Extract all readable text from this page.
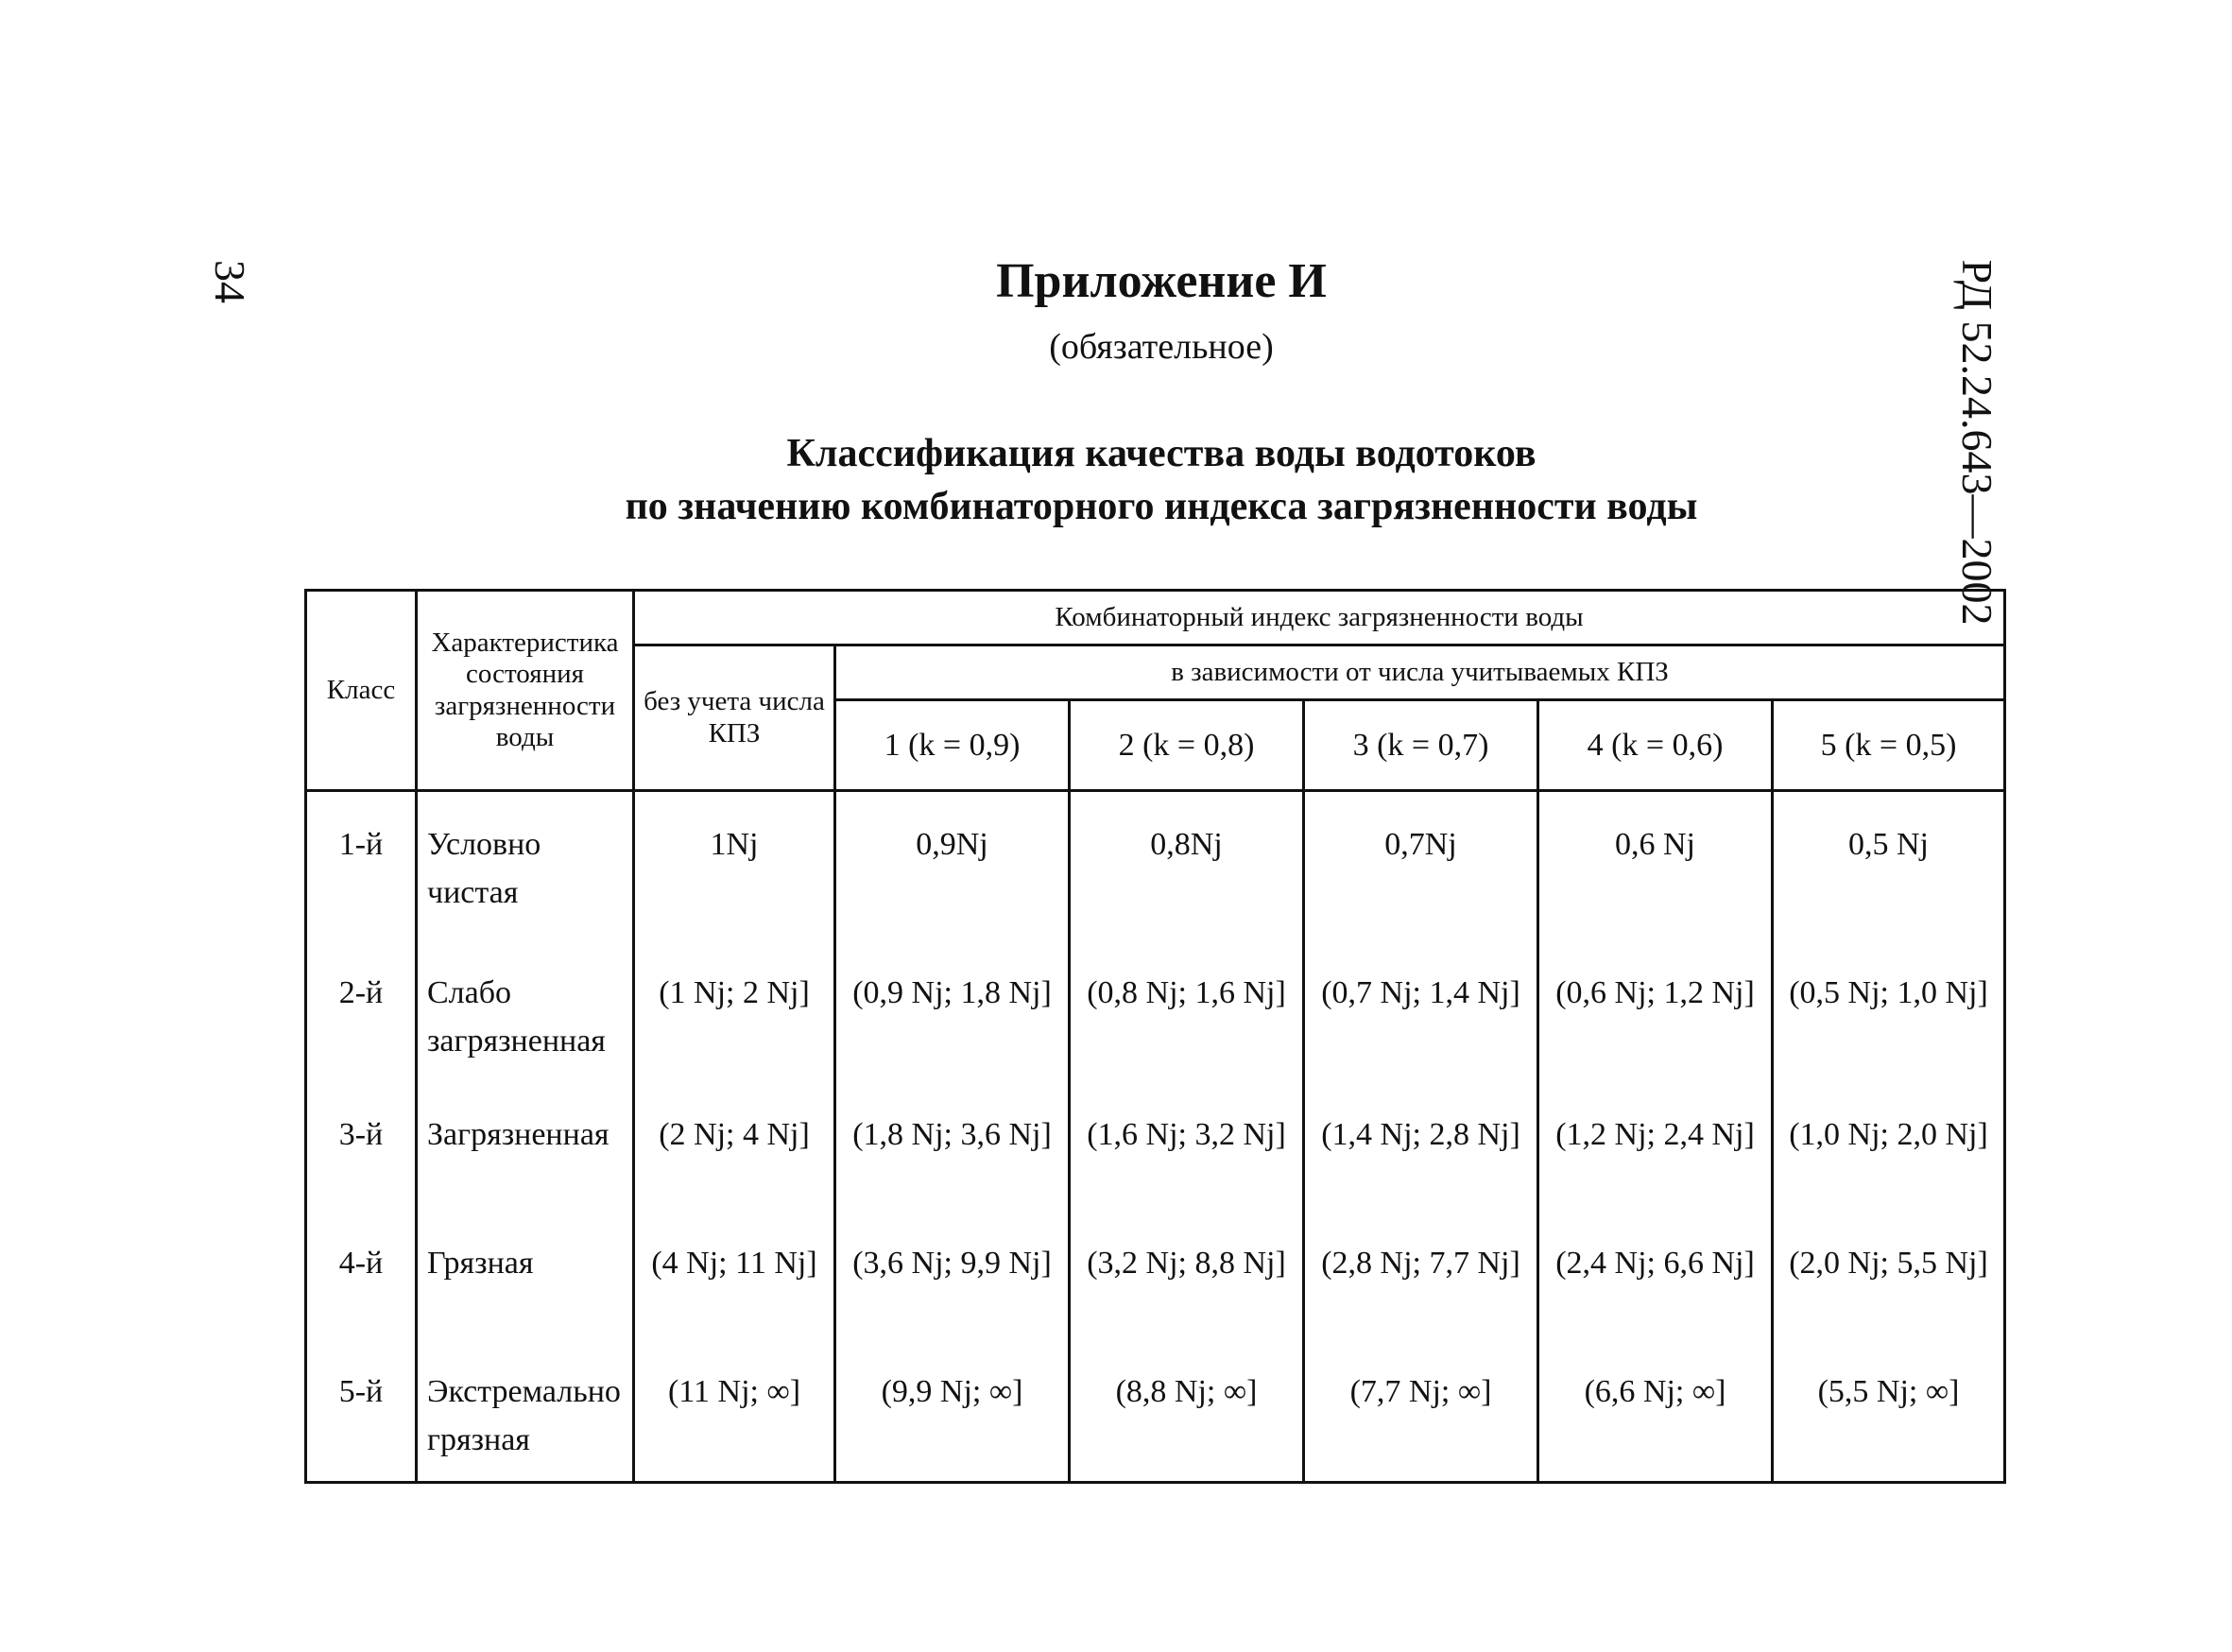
34	РД 52.24.643—2002
Приложение И
(обязательное)
Классификация качества воды водотоков
по значению комбинаторного индекса загрязненности воды
Класс	Характеристика состояния загрязненности воды	Комбинаторный индекс загрязненности воды					
		без учета числа КПЗ	в зависимости от числа учитываемых КПЗ				
			1 (k = 0,9)	2 (k = 0,8)	3 (k = 0,7)	4 (k = 0,6)	5 (k = 0,5)
1-й	Условно чистая	1Nj	0,9Nj	0,8Nj	0,7Nj	0,6 Nj	0,5 Nj
2-й	Слабо загрязненная	(1 Nj; 2 Nj]	(0,9 Nj; 1,8 Nj]	(0,8 Nj; 1,6 Nj]	(0,7 Nj; 1,4 Nj]	(0,6 Nj; 1,2 Nj]	(0,5 Nj; 1,0 Nj]
3-й	Загрязненная	(2 Nj; 4 Nj]	(1,8 Nj; 3,6 Nj]	(1,6 Nj; 3,2 Nj]	(1,4 Nj; 2,8 Nj]	(1,2 Nj; 2,4 Nj]	(1,0 Nj; 2,0 Nj]
4-й	Грязная	(4 Nj; 11 Nj]	(3,6 Nj; 9,9 Nj]	(3,2 Nj; 8,8 Nj]	(2,8 Nj; 7,7 Nj]	(2,4 Nj; 6,6 Nj]	(2,0 Nj; 5,5 Nj]
5-й	Экстремально грязная	(11 Nj; ∞]	(9,9 Nj; ∞]	(8,8 Nj; ∞]	(7,7 Nj; ∞]	(6,6 Nj; ∞]	(5,5 Nj; ∞]
